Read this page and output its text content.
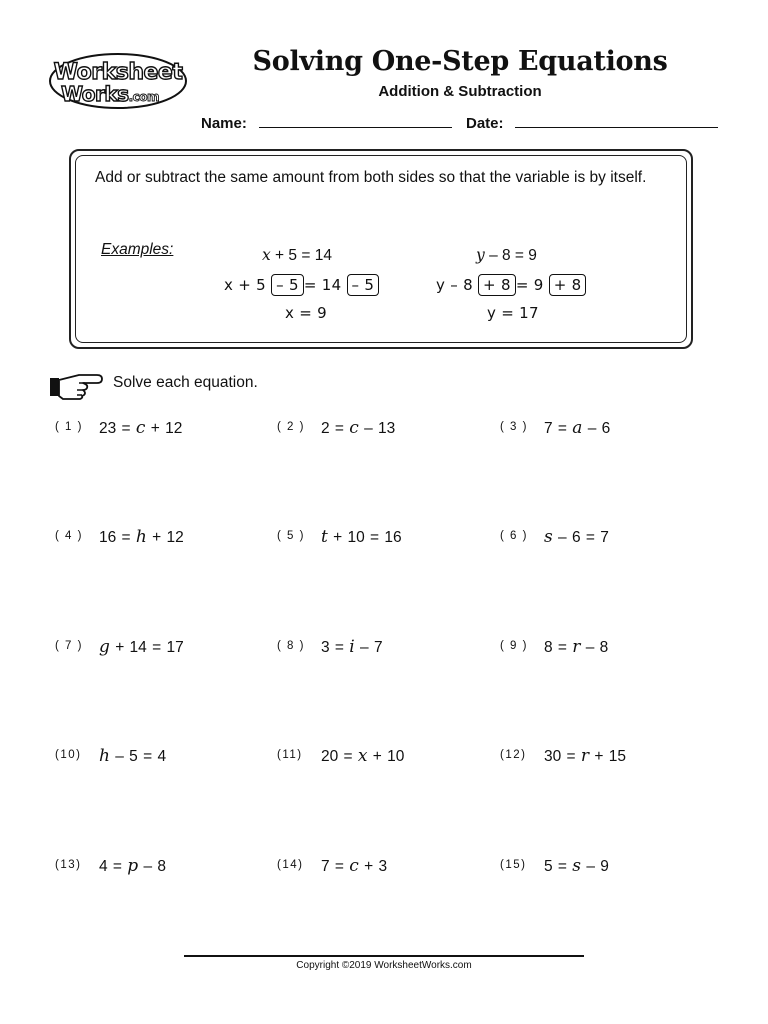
Worksheet
Works.com
Solving One-Step Equations
Addition & Subtraction
Name:	Date:
Add or subtract the same amount from both sides so that the variable is by itself.
Examples:	x + 5 = 14
x + 5 – 5 = 14 – 5
x = 9
y – 8 = 9
y – 8 + 8 = 9 + 8
y = 17
Solve each equation.
( 1 ) 23 = c + 12	( 2 ) 2 = c – 13	( 3 ) 7 = a – 6
( 4 ) 16 = h + 12	( 5 ) t + 10 = 16	( 6 ) s – 6 = 7
( 7 ) g + 14 = 17	( 8 ) 3 = i – 7	( 9 ) 8 = r – 8
(10) h – 5 = 4	(11) 20 = x + 10	(12) 30 = r + 15
(13) 4 = p – 8	(14) 7 = c + 3	(15) 5 = s – 9
Copyright ©2019 WorksheetWorks.com
